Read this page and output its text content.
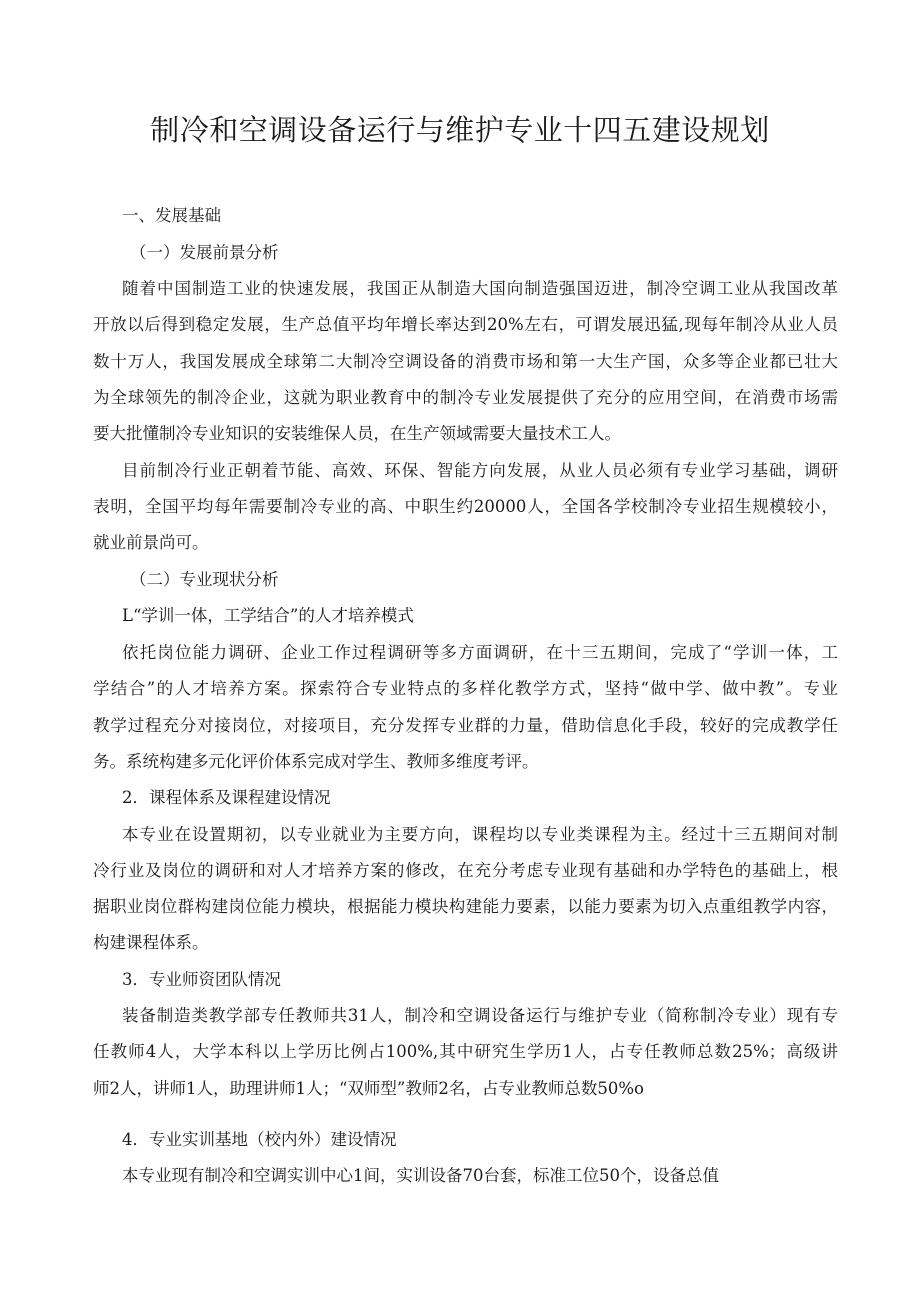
制冷和空调设备运行与维护专业十四五建设规划

一、发展基础

（一）发展前景分析

随着中国制造工业的快速发展，我国正从制造大国向制造强国迈进，制冷空调工业从我国改革

开放以后得到稳定发展，生产总值平均年增长率达到20%左右，可谓发展迅猛,现每年制冷从业人员

数十万人，我国发展成全球第二大制冷空调设备的消费市场和第一大生产国，众多等企业都已壮大

为全球领先的制冷企业，这就为职业教育中的制冷专业发展提供了充分的应用空间，在消费市场需

要大批懂制冷专业知识的安装维保人员，在生产领域需要大量技术工人。

目前制冷行业正朝着节能、高效、环保、智能方向发展，从业人员必须有专业学习基础，调研

表明，全国平均每年需要制冷专业的高、中职生约20000人，全国各学校制冷专业招生规模较小，

就业前景尚可。

（二）专业现状分析

L“学训一体，工学结合”的人才培养模式

依托岗位能力调研、企业工作过程调研等多方面调研，在十三五期间，完成了“学训一体，工

学结合”的人才培养方案。探索符合专业特点的多样化教学方式，坚持“做中学、做中教”。专业

教学过程充分对接岗位，对接项目，充分发挥专业群的力量，借助信息化手段，较好的完成教学任

务。系统构建多元化评价体系完成对学生、教师多维度考评。

2．课程体系及课程建设情况

本专业在设置期初，以专业就业为主要方向，课程均以专业类课程为主。经过十三五期间对制

冷行业及岗位的调研和对人才培养方案的修改，在充分考虑专业现有基础和办学特色的基础上，根

据职业岗位群构建岗位能力模块，根据能力模块构建能力要素，以能力要素为切入点重组教学内容，

构建课程体系。

3．专业师资团队情况

装备制造类教学部专任教师共31人，制冷和空调设备运行与维护专业（简称制冷专业）现有专

任教师4人，大学本科以上学历比例占100%,其中研究生学历1人，占专任教师总数25%；高级讲

师2人，讲师1人，助理讲师1人；“双师型”教师2名，占专业教师总数50%o

4．专业实训基地（校内外）建设情况

本专业现有制冷和空调实训中心1间，实训设备70台套，标准工位50个，设备总值
